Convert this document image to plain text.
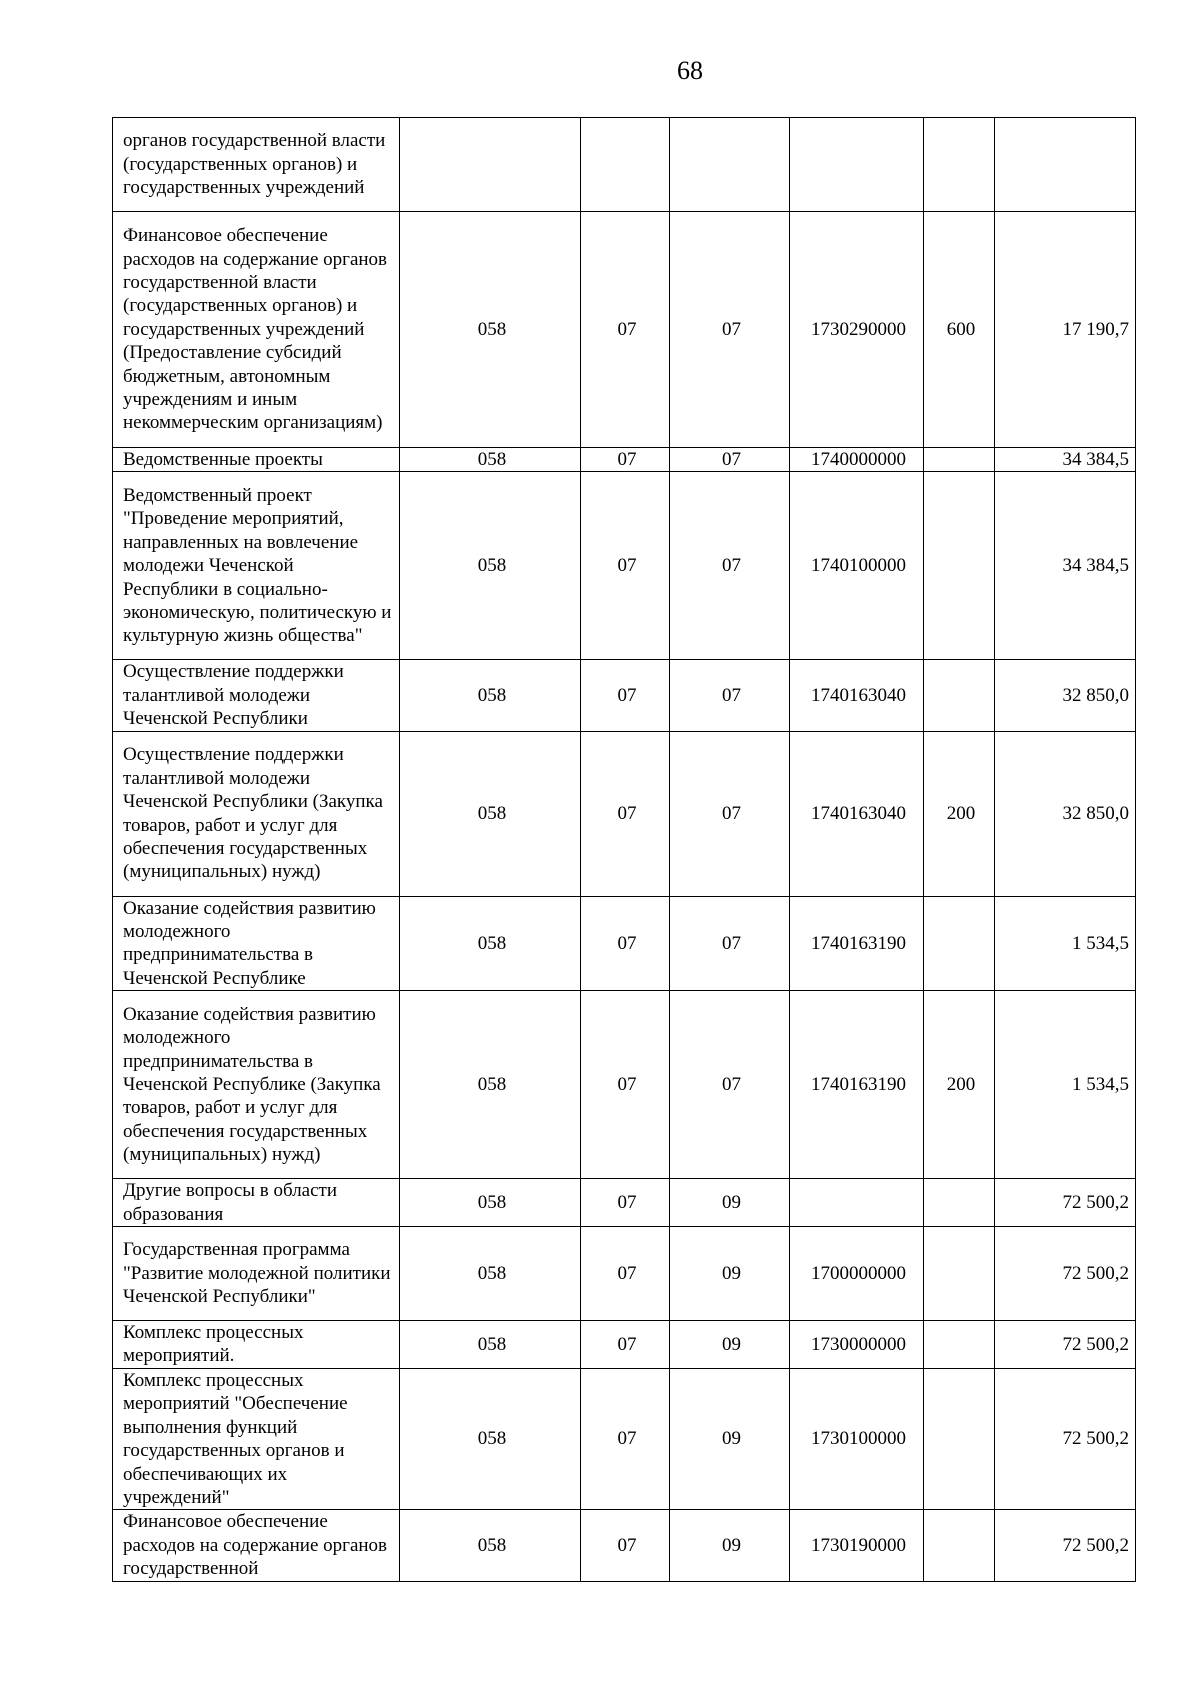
68
органов государственной власти (государственных органов) и государственных учреждений						
Финансовое обеспечение расходов на содержание органов государственной власти (государственных органов) и государственных учреждений (Предоставление субсидий бюджетным, автономным учреждениям и иным некоммерческим организациям)	058	07	07	1730290000	600	17 190,7
Ведомственные проекты	058	07	07	1740000000		34 384,5
Ведомственный проект "Проведение мероприятий, направленных на вовлечение молодежи Чеченской Республики в социально-экономическую, политическую и культурную жизнь общества"	058	07	07	1740100000		34 384,5
Осуществление поддержки талантливой молодежи Чеченской Республики	058	07	07	1740163040		32 850,0
Осуществление поддержки талантливой молодежи Чеченской Республики (Закупка товаров, работ и услуг для обеспечения государственных (муниципальных) нужд)	058	07	07	1740163040	200	32 850,0
Оказание содействия развитию молодежного предпринимательства в Чеченской Республике	058	07	07	1740163190		1 534,5
Оказание содействия развитию молодежного предпринимательства в Чеченской Республике (Закупка товаров, работ и услуг для обеспечения государственных (муниципальных) нужд)	058	07	07	1740163190	200	1 534,5
Другие вопросы в области образования	058	07	09			72 500,2
Государственная программа "Развитие молодежной политики Чеченской Республики"	058	07	09	1700000000		72 500,2
Комплекс процессных мероприятий.	058	07	09	1730000000		72 500,2
Комплекс процессных мероприятий "Обеспечение выполнения функций государственных органов и обеспечивающих их учреждений"	058	07	09	1730100000		72 500,2
Финансовое обеспечение расходов на содержание органов государственной	058	07	09	1730190000		72 500,2
